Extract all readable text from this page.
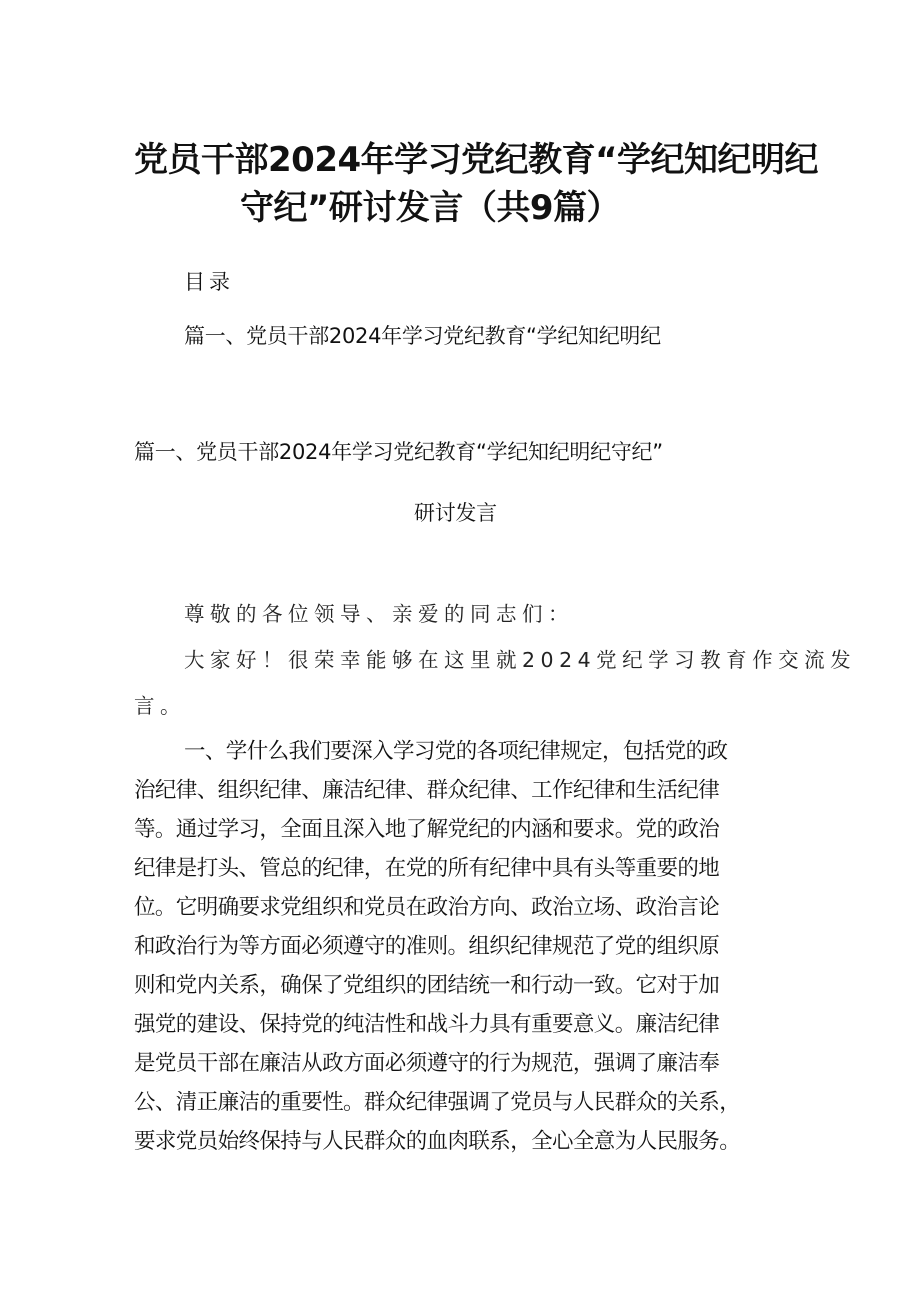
党员干部2024年学习党纪教育“学纪知纪明纪
守纪”研讨发言（共9篇）
目录
篇一、党员干部2024年学习党纪教育“学纪知纪明纪
篇一、党员干部2024年学习党纪教育“学纪知纪明纪守纪”
研讨发言
尊敬的各位领导、亲爱的同志们：
大家好！很荣幸能够在这里就2024党纪学习教育作交流发
言。
一、学什么我们要深入学习党的各项纪律规定，包括党的政
治纪律、组织纪律、廉洁纪律、群众纪律、工作纪律和生活纪律
等。通过学习，全面且深入地了解党纪的内涵和要求。党的政治
纪律是打头、管总的纪律，在党的所有纪律中具有头等重要的地
位。它明确要求党组织和党员在政治方向、政治立场、政治言论
和政治行为等方面必须遵守的准则。组织纪律规范了党的组织原
则和党内关系，确保了党组织的团结统一和行动一致。它对于加
强党的建设、保持党的纯洁性和战斗力具有重要意义。廉洁纪律
是党员干部在廉洁从政方面必须遵守的行为规范，强调了廉洁奉
公、清正廉洁的重要性。群众纪律强调了党员与人民群众的关系，
要求党员始终保持与人民群众的血肉联系，全心全意为人民服务。
